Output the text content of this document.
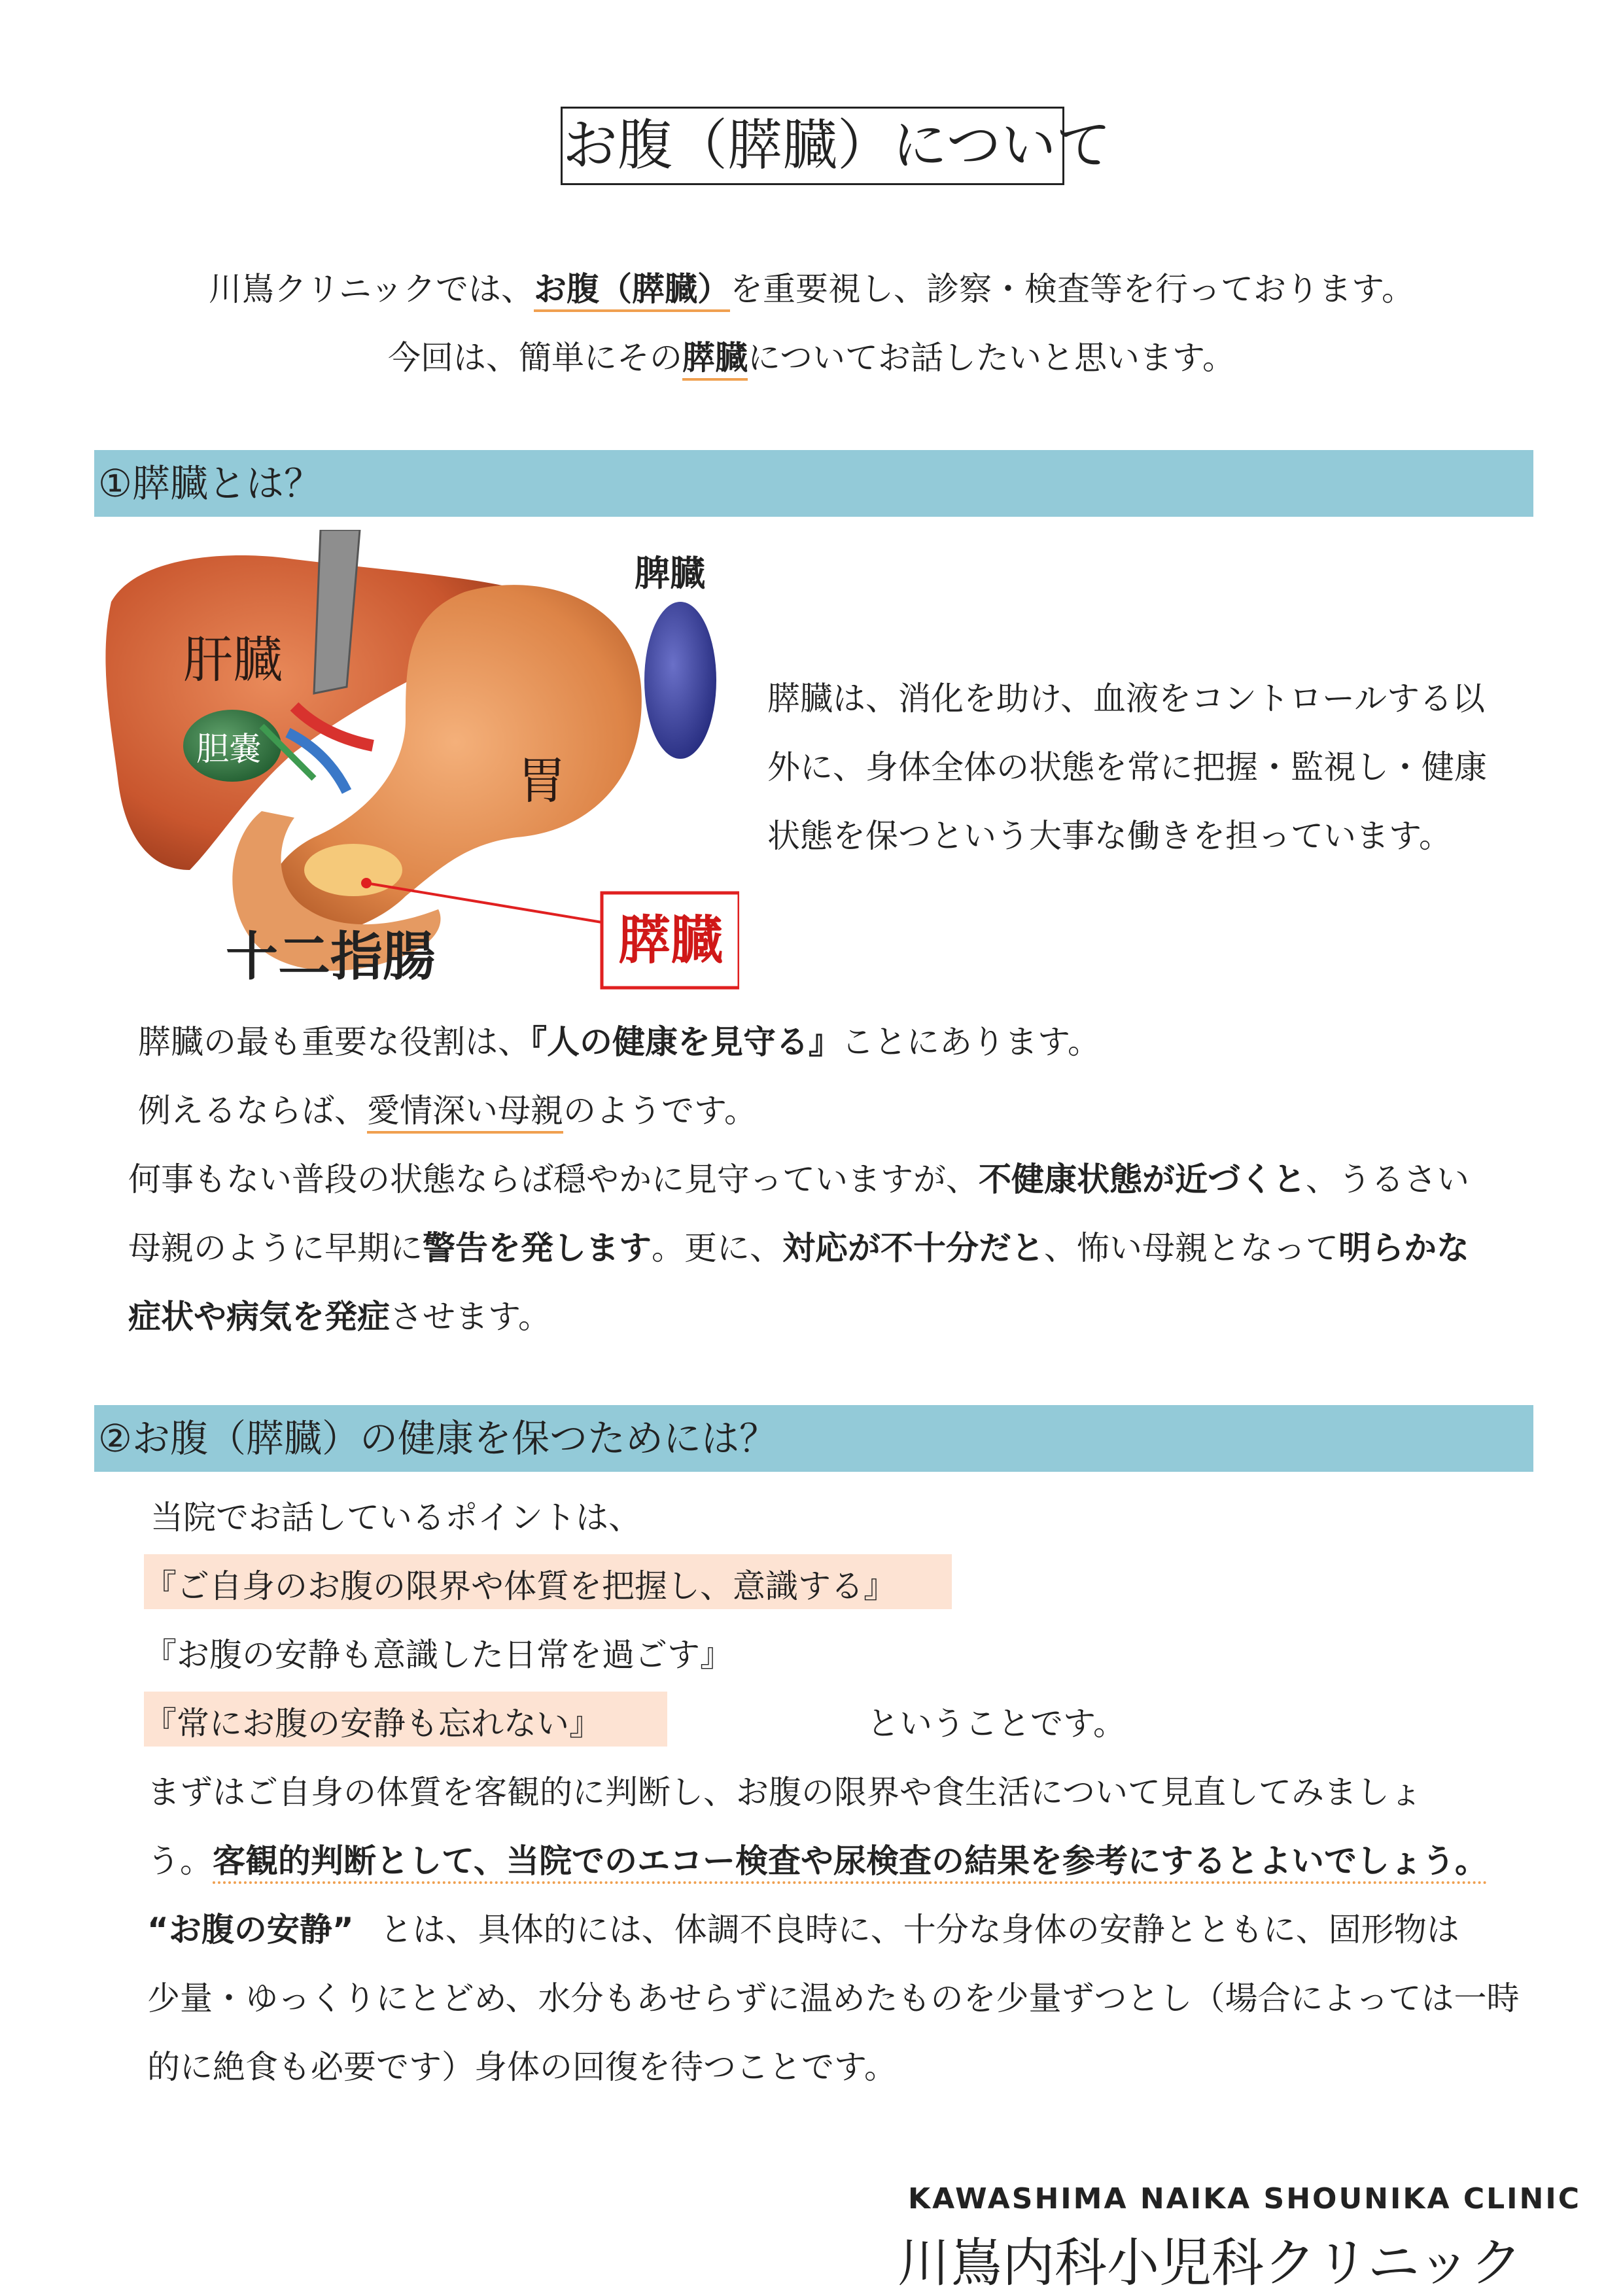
お腹（膵臓）について
川嶌クリニックでは、お腹（膵臓）を重要視し、診察・検査等を行っております。
今回は、簡単にその膵臓についてお話したいと思います。
①膵臓とは？
膵臓
肝臓
胆嚢
脾臓
胃
十二指腸
膵臓は、消化を助け、血液をコントロールする以
外に、身体全体の状態を常に把握・監視し・健康
状態を保つという大事な働きを担っています。
膵臓の最も重要な役割は、『人の健康を見守る』ことにあります。
例えるならば、愛情深い母親のようです。
何事もない普段の状態ならば穏やかに見守っていますが、不健康状態が近づくと、うるさい
母親のように早期に警告を発します。更に、対応が不十分だと、怖い母親となって明らかな
症状や病気を発症させます。
②お腹（膵臓）の健康を保つためには？
当院でお話しているポイントは、
『ご自身のお腹の限界や体質を把握し、意識する』
『お腹の安静も意識した日常を過ごす』
『常にお腹の安静も忘れない』	ということです。
まずはご自身の体質を客観的に判断し、お腹の限界や食生活について見直してみましょ
う。客観的判断として、当院でのエコー検査や尿検査の結果を参考にするとよいでしょう。
“お腹の安静” とは、具体的には、体調不良時に、十分な身体の安静とともに、固形物は
少量・ゆっくりにとどめ、水分もあせらずに温めたものを少量ずつとし（場合によっては一時
的に絶食も必要です）身体の回復を待つことです。
KAWASHIMA NAIKA SHOUNIKA CLINIC
川嶌内科小児科クリニック
